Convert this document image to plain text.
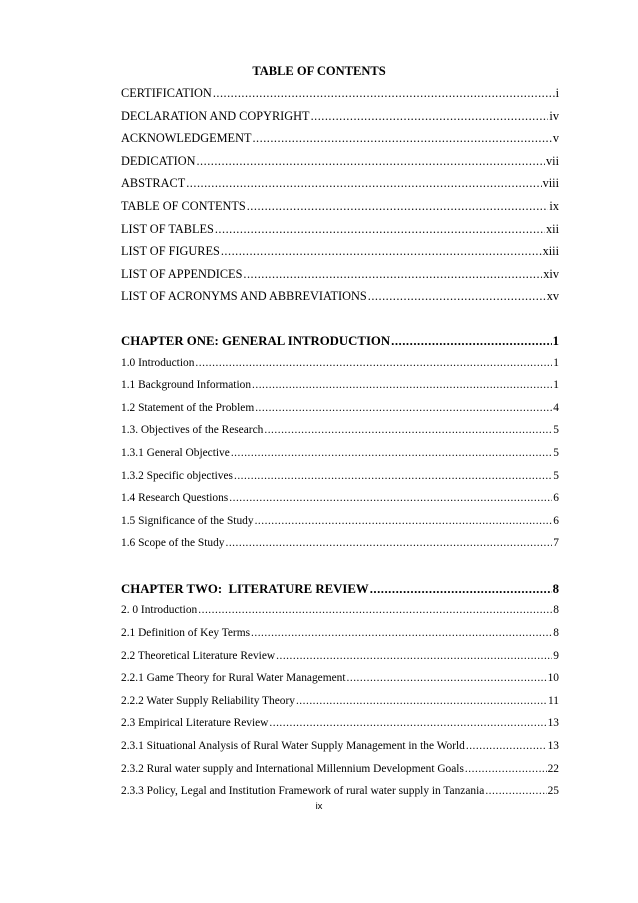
TABLE OF CONTENTS
CERTIFICATION .....	i
DECLARATION AND COPYRIGHT .....	iv
ACKNOWLEDGEMENT .....	v
DEDICATION .....	vii
ABSTRACT .....	viii
TABLE OF CONTENTS .....	ix
LIST OF TABLES .....	xii
LIST OF FIGURES .....	xiii
LIST OF APPENDICES .....	xiv
LIST OF ACRONYMS AND ABBREVIATIONS .....	xv
CHAPTER ONE: GENERAL INTRODUCTION .....	1
1.0 Introduction .....	1
1.1 Background Information .....	1
1.2 Statement of the Problem .....	4
1.3. Objectives of the Research .....	5
1.3.1 General Objective .....	5
1.3.2 Specific objectives .....	5
1.4 Research Questions .....	6
1.5 Significance of the Study .....	6
1.6 Scope of the Study .....	7
CHAPTER TWO:  LITERATURE REVIEW .....	8
2. 0 Introduction .....	8
2.1 Definition of Key Terms .....	8
2.2 Theoretical Literature Review .....	9
2.2.1 Game Theory for Rural Water Management .....	10
2.2.2 Water Supply Reliability Theory .....	11
2.3 Empirical Literature Review .....	13
2.3.1 Situational Analysis of Rural Water Supply Management in the World .....	13
2.3.2 Rural water supply and International Millennium Development Goals .....	22
2.3.3 Policy, Legal and Institution Framework of rural water supply in Tanzania .....	25
ix
